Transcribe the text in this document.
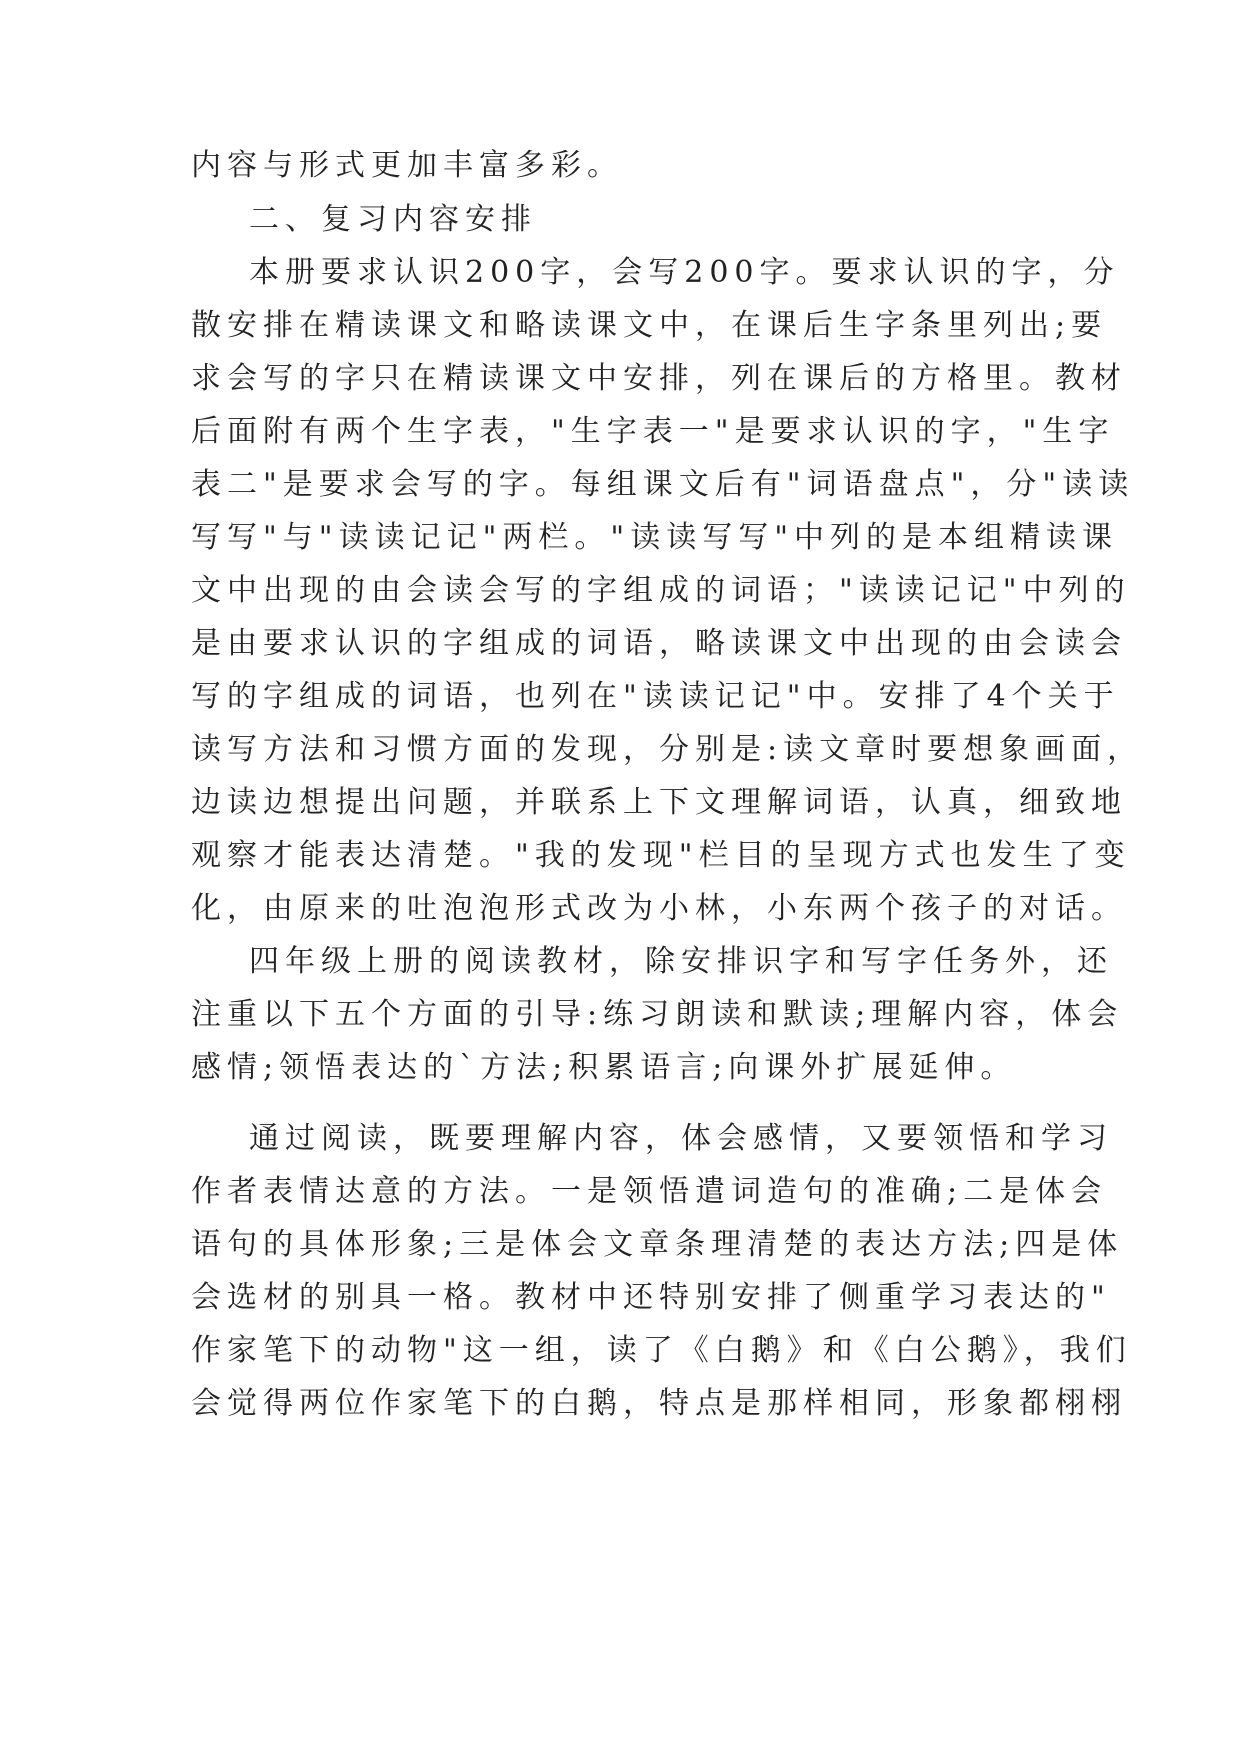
内容与形式更加丰富多彩。
二、复习内容安排
本册要求认识200字，会写200字。要求认识的字，分
散安排在精读课文和略读课文中，在课后生字条里列出;要
求会写的字只在精读课文中安排，列在课后的方格里。教材
后面附有两个生字表，"生字表一"是要求认识的字，"生字
表二"是要求会写的字。每组课文后有"词语盘点"，分"读读
写写"与"读读记记"两栏。"读读写写"中列的是本组精读课
文中出现的由会读会写的字组成的词语；"读读记记"中列的
是由要求认识的字组成的词语，略读课文中出现的由会读会
写的字组成的词语，也列在"读读记记"中。安排了4个关于
读写方法和习惯方面的发现，分别是:读文章时要想象画面，
边读边想提出问题，并联系上下文理解词语，认真，细致地
观察才能表达清楚。"我的发现"栏目的呈现方式也发生了变
化，由原来的吐泡泡形式改为小林，小东两个孩子的对话。
四年级上册的阅读教材，除安排识字和写字任务外，还
注重以下五个方面的引导:练习朗读和默读;理解内容，体会
感情;领悟表达的`方法;积累语言;向课外扩展延伸。
通过阅读，既要理解内容，体会感情，又要领悟和学习
作者表情达意的方法。一是领悟遣词造句的准确;二是体会
语句的具体形象;三是体会文章条理清楚的表达方法;四是体
会选材的别具一格。教材中还特别安排了侧重学习表达的"
作家笔下的动物"这一组，读了《白鹅》和《白公鹅》，我们
会觉得两位作家笔下的白鹅，特点是那样相同，形象都栩栩
